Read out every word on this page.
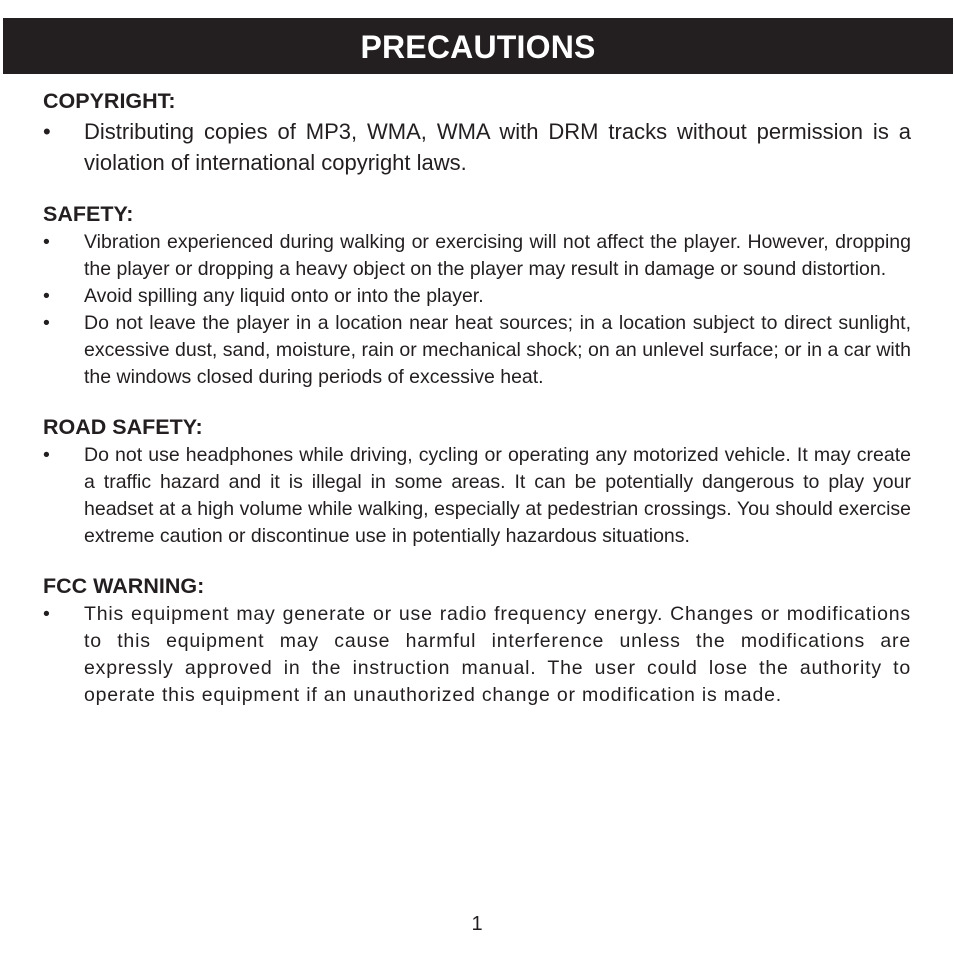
PRECAUTIONS
COPYRIGHT:
• Distributing copies of MP3, WMA, WMA with DRM tracks without permission is a violation of international copyright laws.
SAFETY:
• Vibration experienced during walking or exercising will not affect the player. However, dropping the player or dropping a heavy object on the player may result in damage or sound distortion.
• Avoid spilling any liquid onto or into the player.
• Do not leave the player in a location near heat sources; in a location subject to direct sunlight, excessive dust, sand, moisture, rain or mechanical shock; on an unlevel surface; or in a car with the windows closed during periods of excessive heat.
ROAD SAFETY:
• Do not use headphones while driving, cycling or operating any motorized vehicle. It may create a traffic hazard and it is illegal in some areas. It can be potentially dangerous to play your headset at a high volume while walking, especially at pedestrian crossings. You should exercise extreme caution or discontinue use in potentially hazardous situations.
FCC WARNING:
• This equipment may generate or use radio frequency energy. Changes or modifications to this equipment may cause harmful interference unless the modifications are expressly approved in the instruction manual. The user could lose the authority to operate this equipment if an unauthorized change or modification is made.
1
